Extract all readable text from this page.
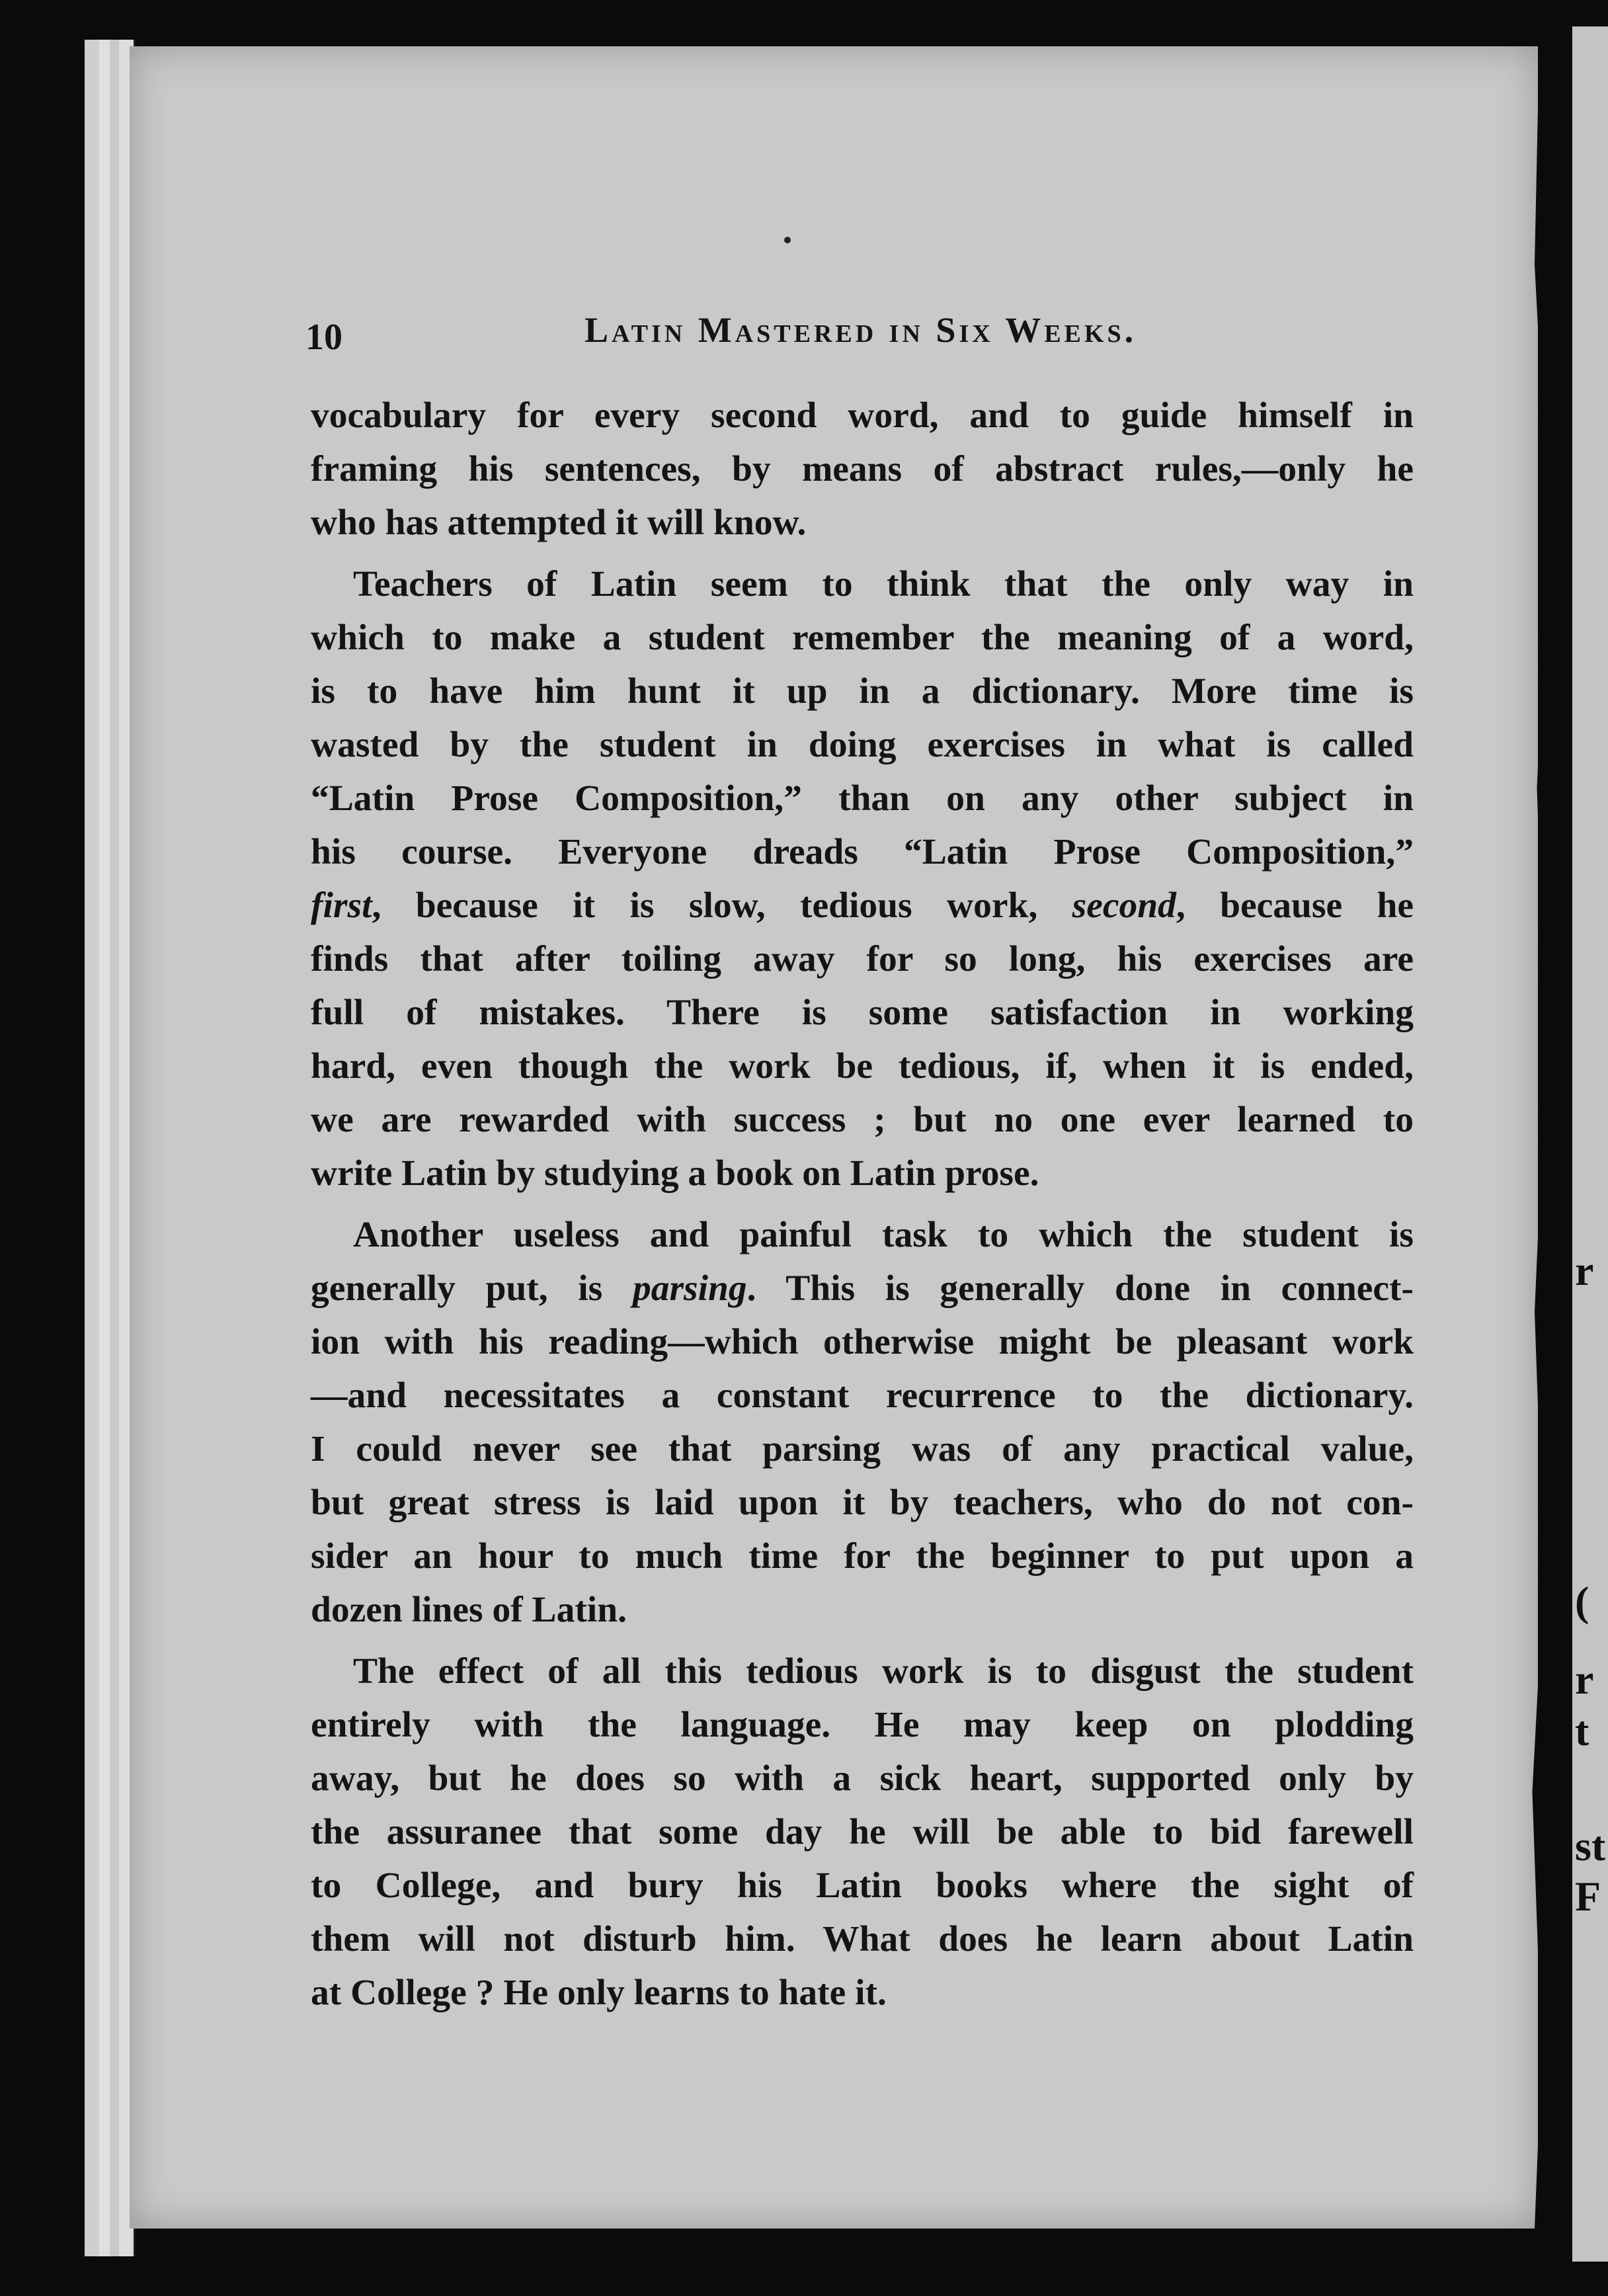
r
(
r
t
st
F
10	Latin Mastered in Six Weeks.
vocabulary for every second word, and to guide himself in
framing his sentences, by means of abstract rules,—only he
who has attempted it will know.
Teachers of Latin seem to think that the only way in
which to make a student remember the meaning of a word,
is to have him hunt it up in a dictionary. More time is
wasted by the student in doing exercises in what is called
“Latin Prose Composition,” than on any other subject in
his course. Everyone dreads “Latin Prose Composition,”
first, because it is slow, tedious work, second, because he
finds that after toiling away for so long, his exercises are
full of mistakes. There is some satisfaction in working
hard, even though the work be tedious, if, when it is ended,
we are rewarded with success ; but no one ever learned to
write Latin by studying a book on Latin prose.
Another useless and painful task to which the student is
generally put, is parsing. This is generally done in connect-
ion with his reading—which otherwise might be pleasant work
—and necessitates a constant recurrence to the dictionary.
I could never see that parsing was of any practical value,
but great stress is laid upon it by teachers, who do not con-
sider an hour to much time for the beginner to put upon a
dozen lines of Latin.
The effect of all this tedious work is to disgust the student
entirely with the language. He may keep on plodding
away, but he does so with a sick heart, supported only by
the assuranee that some day he will be able to bid farewell
to College, and bury his Latin books where the sight of
them will not disturb him. What does he learn about Latin
at College ? He only learns to hate it.
